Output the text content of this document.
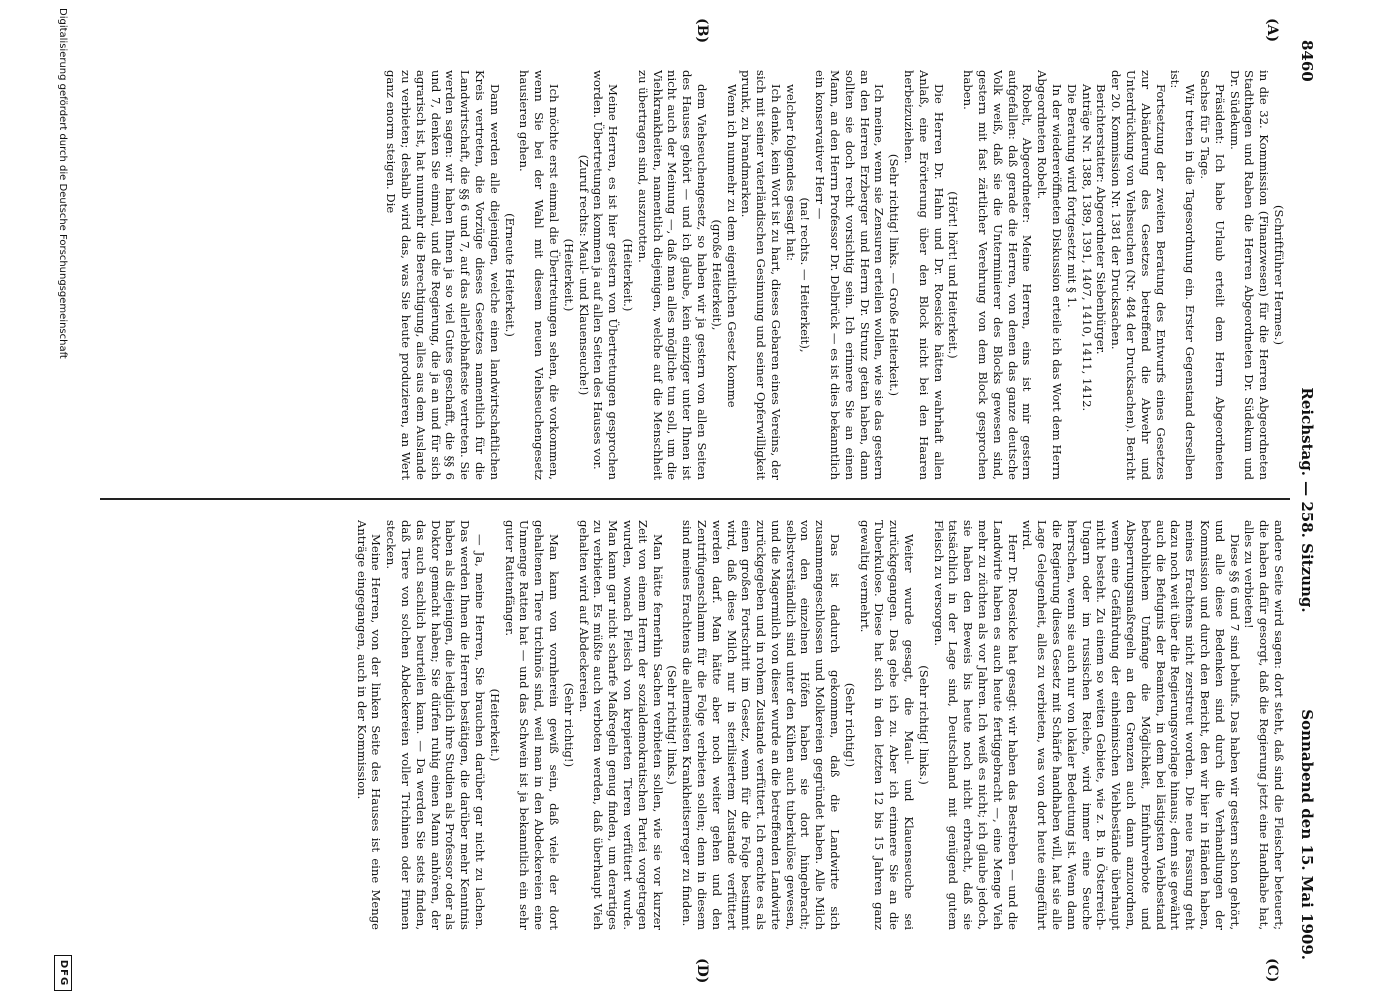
8460
Reichstag. — 258. Sitzung.
Sonnabend den 15. Mai 1909.
(A)
(B)
(C)
(D)

(Schriftführer Hermes.)

in die 32. Kommission (Finanzwesen) für die Herren Abgeordneten Stadthagen und Raben die Herren Abgeordneten Dr. Südekum und Dr. Südekum.

Präsident: Ich habe Urlaub erteilt dem Herrn Abgeordneten Sachse für 5 Tage.

Wir treten in die Tagesordnung ein. Erster Gegenstand derselben ist:

Fortsetzung der zweiten Beratung des Entwurfs eines Gesetzes zur Abänderung des Gesetzes betreffend die Abwehr und Unterdrückung von Viehseuchen (Nr. 484 der Drucksachen). Bericht der 20. Kommission Nr. 1381 der Drucksachen.

Berichterstatter: Abgeordneter Siebenbürger.

Anträge Nr. 1388, 1389, 1391, 1407, 1410, 1411, 1412.

Die Beratung wird fortgesetzt mit § 1.

In der wiedereröffneten Diskussion erteile ich das Wort dem Herrn Abgeordneten Robelt.

Robelt, Abgeordneter: Meine Herren, eins ist mir gestern aufgefallen: daß gerade die Herren, von denen das ganze deutsche Volk weiß, daß sie die Unterminierer des Blocks gewesen sind, gestern mit fast zärtlicher Verehrung von dem Block gesprochen haben.

(Hört! hört! und Heiterkeit.)

Die Herren Dr. Hahn und Dr. Roesicke hätten wahrhaft allen Anlaß, eine Erörterung über den Block nicht bei den Haaren herbeizuziehen.

(Sehr richtig! links. — Große Heiterkeit.)

Ich meine, wenn sie Zensuren erteilen wollen, wie sie das gestern an den Herren Erzberger und Herrn Dr. Strunz getan haben, dann sollten sie doch recht vorsichtig sein. Ich erinnere Sie an einen Mann, an den Herrn Professor Dr. Delbrück — es ist dies bekanntlich ein konservativer Herr —

(na! rechts. — Heiterkeit),

welcher folgendes gesagt hat:

Ich denke, kein Wort ist zu hart, dieses Gebaren eines Vereins, der sich mit seiner vaterländischen Gesinnung und seiner Opferwilligkeit prunkt, zu brandmarken.

Wenn ich nunmehr zu dem eigentlichen Gesetz komme

(große Heiterkeit),

dem Viehseuchengesetz, so haben wir ja gestern von allen Seiten des Hauses gehört — und ich glaube, kein einziger unter Ihnen ist nicht auch der Meinung —, daß man alles mögliche tun soll, um die Viehkrankheiten, namentlich diejenigen, welche auf die Menschheit zu übertragen sind, auszurotten.

(Heiterkeit.)

Meine Herren, es ist hier gestern von Übertretungen gesprochen worden. Übertretungen kommen ja auf allen Seiten des Hauses vor.

(Zuruf rechts: Maul- und Klauenseuche!)

(Heiterkeit.)

Ich möchte erst einmal die Übertretungen sehen, die vorkommen, wenn Sie bei der Wahl mit diesem neuen Viehseuchengesetz hausieren gehen.

(Erneute Heiterkeit.)

Dann werden alle diejenigen, welche einen landwirtschaftlichen Kreis vertreten, die Vorzüge dieses Gesetzes namentlich für die Landwirtschaft, die §§ 6 und 7, auf das allerlebhafteste vertreten. Sie werden sagen: wir haben Ihnen ja so viel Gutes geschafft, die §§ 6 und 7, denken Sie einmal, und die Regierung, die ja an und für sich agrarisch ist, hat nunmehr die Berechtigung, alles aus dem Auslande zu verbieten; deshalb wird das, was Sie heute produzieren, an Wert ganz enorm steigen. Die

andere Seite wird sagen: dort steht, daß sind die Fleischer beteuert; die haben dafür gesorgt, daß die Regierung jetzt eine Handhabe hat, alles zu verbieten!

Diese §§ 6 und 7 sind behufs. Das haben wir gestern schon gehört, und alle diese Bedenken sind durch die Verhandlungen der Kommission und durch den Bericht, den wir hier in Händen haben, meines Erachtens nicht zerstreut worden. Die neue Fassung geht dazu noch weit über die Regierungsvorlage hinaus; denn sie gewährt auch die Befugnis der Beamten, in dem bei lästigsten Viehbestand bedrohlichem Umfange die Möglichkeit, Einfuhrverbote und Absperrungsmaßregeln an den Grenzen auch dann anzuordnen, wenn eine Gefährdung der einheimischen Viehbestände überhaupt nicht besteht. Zu einem so weiten Gebiete, wie z. B. in Österreich-Ungarn oder im russischen Reiche, wird immer eine Seuche herrschen, wenn sie auch nur von lokaler Bedeutung ist. Wenn dann die Regierung dieses Gesetz mit Schärfe handhaben will, hat sie alle Lage Gelegenheit, alles zu verbieten, was von dort heute eingeführt wird.

Herr Dr. Roesicke hat gesagt: wir haben das Bestreben — und die Landwirte haben es auch heute fertiggebracht —, eine Menge Vieh mehr zu züchten als vor Jahren. Ich weiß es nicht; ich glaube jedoch, sie haben den Beweis bis heute noch nicht erbracht, daß sie tatsächlich in der Lage sind, Deutschland mit genügend gutem Fleisch zu versorgen.

(Sehr richtig! links.)

Weiter wurde gesagt, die Maul- und Klauenseuche sei zurückgegangen. Das gebe ich zu. Aber ich erinnere Sie an die Tuberkulose. Diese hat sich in den letzten 12 bis 15 Jahren ganz gewaltig vermehrt.

(Sehr richtig!)

Das ist dadurch gekommen, daß die Landwirte sich zusammengeschlossen und Molkereien gegründet haben. Alle Milch von den einzelnen Höfen haben sie dort hingebracht; selbstverständlich sind unter den Kühen auch tuberkulöse gewesen, und die Magermilch von dieser wurde an die betreffenden Landwirte zurückgegeben und in rohem Zustande verfüttert. Ich erachte es als einen großen Fortschritt im Gesetz, wenn für die Folge bestimmt wird, daß diese Milch nur in sterilisiertem Zustande verfüttert werden darf. Man hätte aber noch weiter gehen und den Zentrifugenschlamm für die Folge verbieten sollen; denn in diesem sind meines Erachtens die allermeisten Krankheitserreger zu finden.

(Sehr richtig! links.)

Man hätte fernerhin Sachen verbieten sollen, wie sie vor kurzer Zeit von einem Herrn der sozialdemokratischen Partei vorgetragen wurden, wonach Fleisch von krepierten Tieren verfüttert wurde. Man kann gar nicht scharfe Maßregeln genug finden, um derartiges zu verbieten. Es müßte auch verboten werden, daß überhaupt Vieh gehalten wird auf Abdeckereien.

(Sehr richtig!)

Man kann von vornherein gewiß sein, daß viele der dort gehaltenen Tiere trichinös sind, weil man in den Abdeckereien eine Unmenge Ratten hat — und das Schwein ist ja bekanntlich ein sehr guter Rattenfänger.

(Heiterkeit.)

— Ja, meine Herren, Sie brauchen darüber gar nicht zu lachen. Das werden Ihnen die Herren bestätigen, die darüber mehr Kenntnis haben als diejenigen, die lediglich ihre Studien als Professor oder als Doktor gemacht haben; Sie dürfen ruhig einen Mann anhören, der das auch sachlich beurteilen kann. — Da werden Sie stets finden, daß Tiere von solchen Abdeckereien voller Trichinen oder Finnen stecken.

Meine Herren, von der linken Seite des Hauses ist eine Menge Anträge eingegangen, auch in der Kommission.

Digitalisierung gefördert durch die Deutsche Forschungsgemeinschaft
DFG
